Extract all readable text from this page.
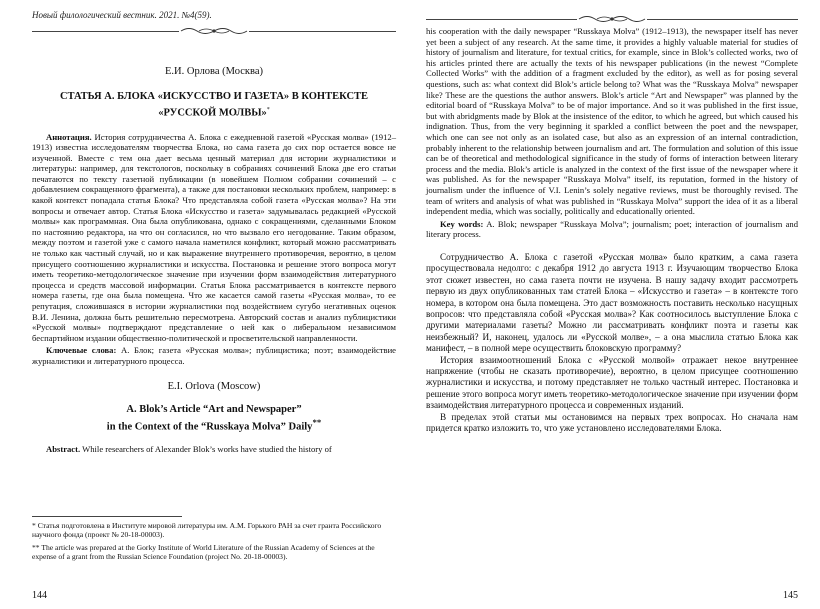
Новый филологический вестник. 2021. №4(59).
Е.И. Орлова (Москва)
СТАТЬЯ А. БЛОКА «ИСКУССТВО И ГАЗЕТА» В КОНТЕКСТЕ
«РУССКОЙ МОЛВЫ»*

Аннотация. История сотрудничества А. Блока с ежедневной газетой «Русская молва» (1912–1913) известна исследователям творчества Блока, но сама газета до сих пор остается вовсе не изученной. Вместе с тем она дает весьма ценный материал для истории журналистики и литературы: например, для текстологов, поскольку в собраниях сочинений Блока две его статьи печатаются по тексту газетной публикации (в новейшем Полном собрании сочинений – с добавлением сокращенного фрагмента), а также для постановки нескольких проблем, например: в какой контекст попадала статья Блока? Что представляла собой газета «Русская молва»? На эти вопросы и отвечает автор. Статья Блока «Искусство и газета» задумывалась редакцией «Русской молвы» как программная. Она была опубликована, однако с сокращениями, сделанными Блоком по настоянию редактора, на что он согласился, но что вызвало его негодование. Таким образом, между поэтом и газетой уже с самого начала наметился конфликт, который можно рассматривать не только как частный случай, но и как выражение внутреннего противоречия, вероятно, в целом присущего соотношению журналистики и искусства. Постановка и решение этого вопроса могут иметь теоретико-методологическое значение при изучении форм взаимодействия литературного процесса и средств массовой информации. Статья Блока рассматривается в контексте первого номера газеты, где она была помещена. Что же касается самой газеты «Русская молва», то ее репутация, сложившаяся в истории журналистики под воздействием сугубо негативных оценок В.И. Ленина, должна быть решительно пересмотрена. Авторский состав и анализ публицистики «Русской молвы» подтверждают представление о ней как о либеральном независимом беспартийном издании общественно-политической и просветительской направленности.

Ключевые слова: А. Блок; газета «Русская молва»; публицистика; поэт; взаимодействие журналистики и литературного процесса.

E.I. Orlova (Moscow)
A. Blok’s Article “Art and Newspaper”
in the Context of the “Russkaya Molva” Daily**

Abstract. While researchers of Alexander Blok’s works have studied the history of

* Статья подготовлена в Институте мировой литературы им. А.М. Горького РАН за счет гранта Российского научного фонда (проект № 20-18-00003).

** The article was prepared at the Gorky Institute of World Literature of the Russian Academy of Sciences at the expense of a grant from the Russian Science Foundation (project No. 20-18-00003).

144

his cooperation with the daily newspaper “Russkaya Molva” (1912–1913), the newspaper itself has never yet been a subject of any research. At the same time, it provides a highly valuable material for studies of history of journalism and literature, for textual critics, for example, since in Blok’s collected works, two of his articles printed there are actually the texts of his newspaper publications (in the newest “Complete Collected Works” with the addition of a fragment excluded by the editor), as well as for posing several questions, such as: what context did Blok’s article belong to? What was the “Russkaya Molva” newspaper like? These are the questions the author answers. Blok’s article “Art and Newspaper” was planned by the editorial board of “Russkaya Molva” to be of major importance. And so it was published in the first issue, but with abridgments made by Blok at the insistence of the editor, to which he agreed, but which caused his indignation. Thus, from the very beginning it sparkled a conflict between the poet and the newspaper, which one can see not only as an isolated case, but also as an expression of an internal contradiction, probably inherent to the relationship between journalism and art. The formulation and solution of this issue can be of theoretical and methodological significance in the study of forms of interaction between literary process and the media. Blok’s article is analyzed in the context of the first issue of the newspaper where it was published. As for the newspaper “Russkaya Molva” itself, its reputation, formed in the history of journalism under the influence of V.I. Lenin’s solely negative reviews, must be thoroughly revised. The team of writers and analysis of what was published in “Russkaya Molva” support the idea of it as a liberal independent media, which was socially, politically and educationally oriented.

Key words: A. Blok; newspaper “Russkaya Molva”; journalism; poet; interaction of journalism and literary process.

Сотрудничество А. Блока с газетой «Русская молва» было кратким, а сама газета просуществовала недолго: с декабря 1912 до августа 1913 г. Изучающим творчество Блока этот сюжет известен, но сама газета почти не изучена. В нашу задачу входит рассмотреть первую из двух опубликованных там статей Блока – «Искусство и газета» – в контексте того номера, в котором она была помещена. Это даст возможность поставить несколько насущных вопросов: что представляла собой «Русская молва»? Как соотносилось выступление Блока с другими материалами газеты? Можно ли рассматривать конфликт поэта и газеты как неизбежный? И, наконец, удалось ли «Русской молве», – а она мыслила статью Блока как манифест, – в полной мере осуществить блоковскую программу?

История взаимоотношений Блока с «Русской молвой» отражает некое внутреннее напряжение (чтобы не сказать противоречие), вероятно, в целом присущее соотношению журналистики и искусства, и потому представляет не только частный интерес. Постановка и решение этого вопроса могут иметь теоретико-методологическое значение при изучении форм взаимодействия литературного процесса и современных изданий.

В пределах этой статьи мы остановимся на первых трех вопросах. Но сначала нам придется кратко изложить то, что уже установлено исследователями Блока.

145
